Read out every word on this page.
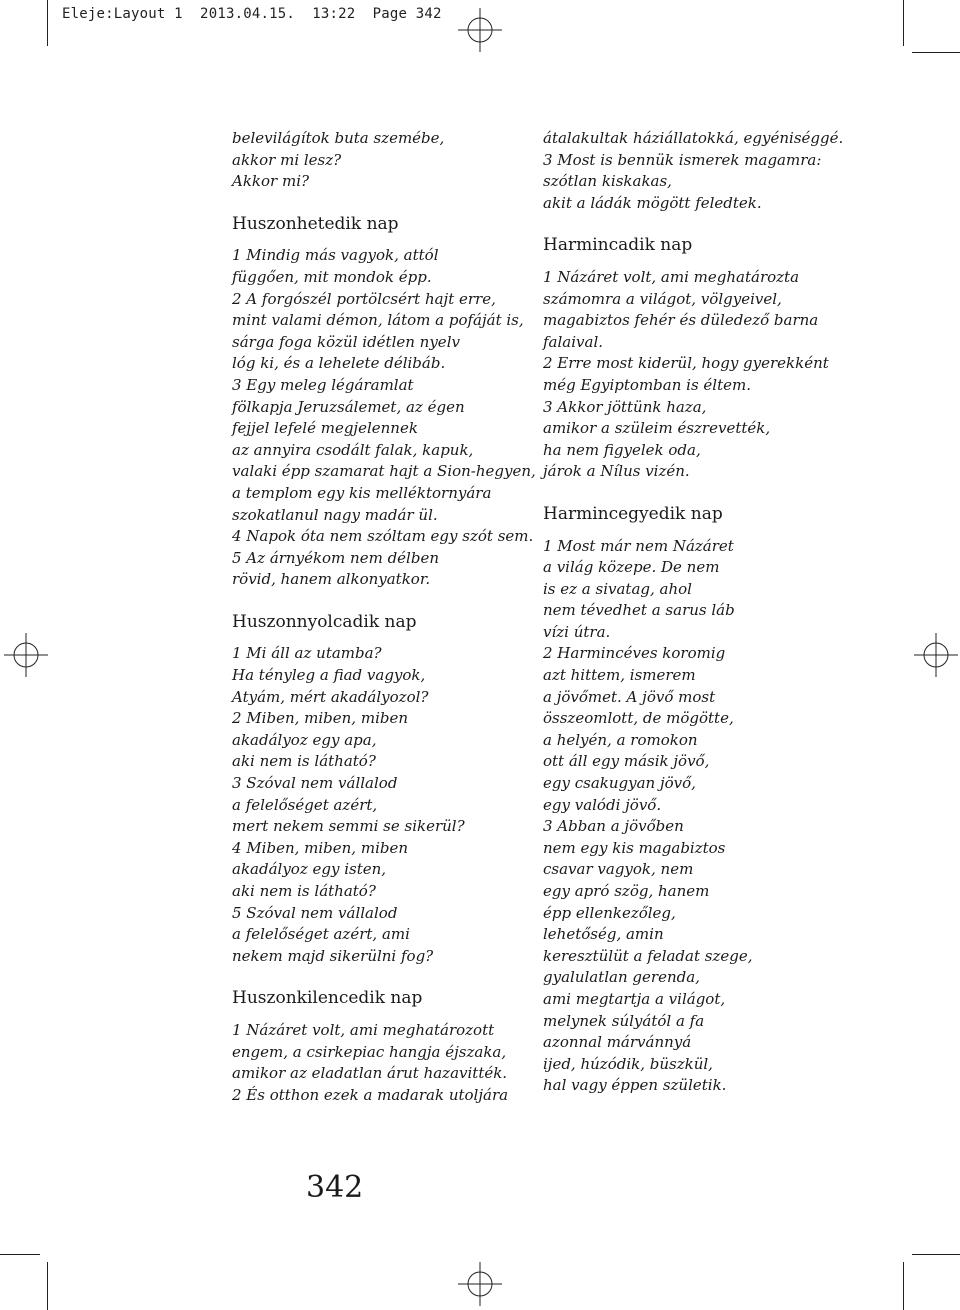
Eleje:Layout 1  2013.04.15.  13:22  Page 342
belevilágítok buta szemébe,
akkor mi lesz?
Akkor mi?
Huszonhetedik nap
1 Mindig más vagyok, attól
függően, mit mondok épp.
2 A forgószél portölcsért hajt erre,
mint valami démon, látom a pofáját is,
sárga foga közül idétlen nyelv
lóg ki, és a lehelete délibáb.
3 Egy meleg légáramlat
fölkapja Jeruzsálemet, az égen
fejjel lefelé megjelennek
az annyira csodált falak, kapuk,
valaki épp szamarat hajt a Sion-hegyen,
a templom egy kis melléktornyára
szokatlanul nagy madár ül.
4 Napok óta nem szóltam egy szót sem.
5 Az árnyékom nem délben
rövid, hanem alkonyatkor.
Huszonnyolcadik nap
1 Mi áll az utamba?
Ha tényleg a fiad vagyok,
Atyám, mért akadályozol?
2 Miben, miben, miben
akadályoz egy apa,
aki nem is látható?
3 Szóval nem vállalod
a felelőséget azért,
mert nekem semmi se sikerül?
4 Miben, miben, miben
akadályoz egy isten,
aki nem is látható?
5 Szóval nem vállalod
a felelőséget azért, ami
nekem majd sikerülni fog?
Huszonkilencedik nap
1 Názáret volt, ami meghatározott
engem, a csirkepiac hangja éjszaka,
amikor az eladatlan árut hazavitték.
2 És otthon ezek a madarak utoljára
átalakultak háziállatokká, egyéniséggé.
3 Most is bennük ismerek magamra:
szótlan kiskakas,
akit a ládák mögött feledtek.
Harmincadik nap
1 Názáret volt, ami meghatározta
számomra a világot, völgyeivel,
magabiztos fehér és düledező barna
falaival.
2 Erre most kiderül, hogy gyerekként
még Egyiptomban is éltem.
3 Akkor jöttünk haza,
amikor a szüleim észrevették,
ha nem figyelek oda,
járok a Nílus vizén.
Harmincegyedik nap
1 Most már nem Názáret
a világ közepe. De nem
is ez a sivatag, ahol
nem tévedhet a sarus láb
vízi útra.
2 Harmincéves koromig
azt hittem, ismerem
a jövőmet. A jövő most
összeomlott, de mögötte,
a helyén, a romokon
ott áll egy másik jövő,
egy csakugyan jövő,
egy valódi jövő.
3 Abban a jövőben
nem egy kis magabiztos
csavar vagyok, nem
egy apró szög, hanem
épp ellenkezőleg,
lehetőség, amin
keresztülüt a feladat szege,
gyalulatlan gerenda,
ami megtartja a világot,
melynek súlyától a fa
azonnal márvánnyá
ijed, húzódik, büszkül,
hal vagy éppen születik.
342
